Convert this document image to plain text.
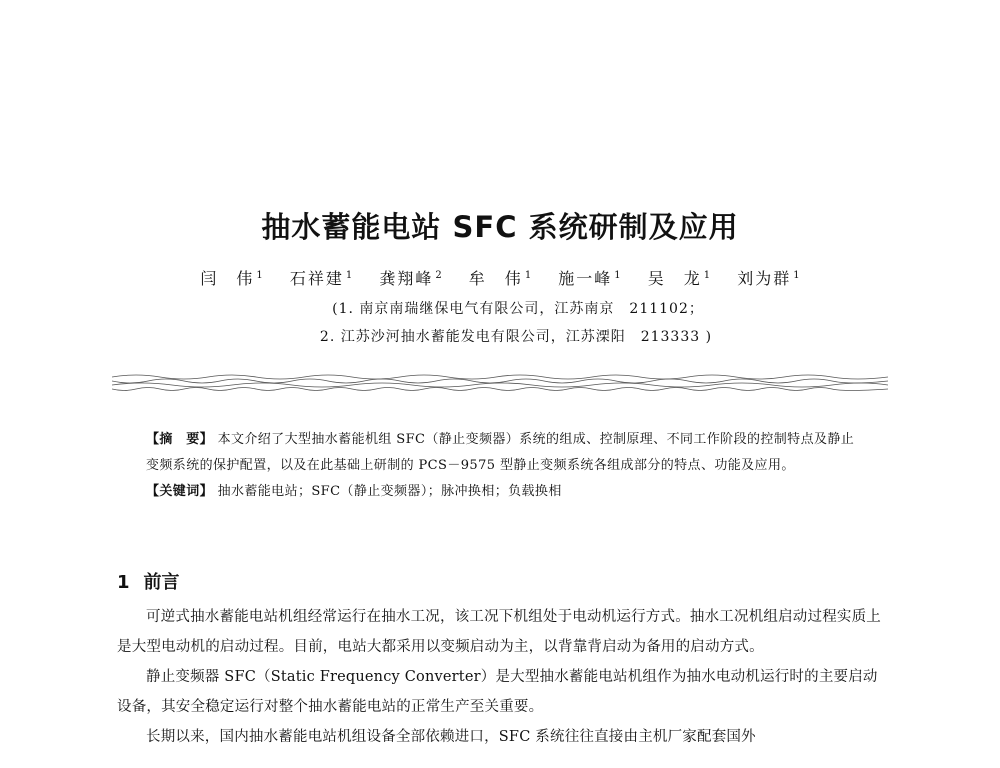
抽水蓄能电站 SFC 系统研制及应用
闫　伟 $^1$ 石祥建 $^1$ 龚翔峰 $^2$ 牟　伟 $^1$ 施一峰 $^1$ 吴　龙 $^1$ 刘为群 $^1$
(1. 南京南瑞继保电气有限公司，江苏南京　211102；
2. 江苏沙河抽水蓄能发电有限公司，江苏溧阳　213333 )

【摘　要】 本文介绍了大型抽水蓄能机组 SFC（静止变频器）系统的组成、控制原理、不同工作阶段的控制特点及静止变频系统的保护配置，以及在此基础上研制的 PCS－9575 型静止变频系统各组成部分的特点、功能及应用。

【关键词】 抽水蓄能电站；SFC（静止变频器）；脉冲换相；负载换相

1 前言

可逆式抽水蓄能电站机组经常运行在抽水工况，该工况下机组处于电动机运行方式。抽水工况机组启动过程实质上是大型电动机的启动过程。目前，电站大都采用以变频启动为主，以背靠背启动为备用的启动方式。

静止变频器 SFC（Static Frequency Converter）是大型抽水蓄能电站机组作为抽水电动机运行时的主要启动设备，其安全稳定运行对整个抽水蓄能电站的正常生产至关重要。

长期以来，国内抽水蓄能电站机组设备全部依赖进口，SFC 系统往往直接由主机厂家配套国外
